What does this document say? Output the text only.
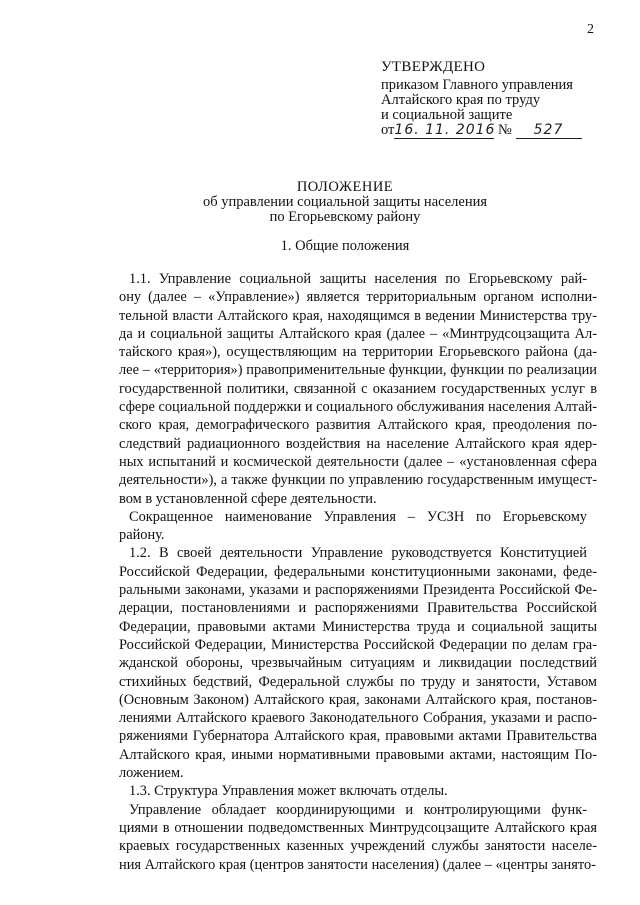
2
УТВЕРЖДЕНО
приказом Главного управления
Алтайского края по труду
и социальной защите
от16. 11. 2016 № 527
ПОЛОЖЕНИЕ
об управлении социальной защиты населения
по Егорьевскому району
1. Общие положения
1.1. Управление социальной защиты населения по Егорьевскому рай-
ону (далее – «Управление») является территориальным органом исполни-
тельной власти Алтайского края, находящимся в ведении Министерства тру-
да и социальной защиты Алтайского края (далее – «Минтрудсоцзащита Ал-
тайского края»), осуществляющим на территории Егорьевского района (да-
лее – «территория») правоприменительные функции, функции по реализации
государственной политики, связанной с оказанием государственных услуг в
сфере социальной поддержки и социального обслуживания населения Алтай-
ского края, демографического развития Алтайского края, преодоления по-
следствий радиационного воздействия на население Алтайского края ядер-
ных испытаний и космической деятельности (далее – «установленная сфера
деятельности»), а также функции по управлению государственным имущест-
вом в установленной сфере деятельности.
Сокращенное наименование Управления – УСЗН по Егорьевскому
району.
1.2. В своей деятельности Управление руководствуется Конституцией
Российской Федерации, федеральными конституционными законами, феде-
ральными законами, указами и распоряжениями Президента Российской Фе-
дерации, постановлениями и распоряжениями Правительства Российской
Федерации, правовыми актами Министерства труда и социальной защиты
Российской Федерации, Министерства Российской Федерации по делам гра-
жданской обороны, чрезвычайным ситуациям и ликвидации последствий
стихийных бедствий, Федеральной службы по труду и занятости, Уставом
(Основным Законом) Алтайского края, законами Алтайского края, постанов-
лениями Алтайского краевого Законодательного Собрания, указами и распо-
ряжениями Губернатора Алтайского края, правовыми актами Правительства
Алтайского края, иными нормативными правовыми актами, настоящим По-
ложением.
1.3. Структура Управления может включать отделы.
Управление обладает координирующими и контролирующими функ-
циями в отношении подведомственных Минтрудсоцзащите Алтайского края
краевых государственных казенных учреждений службы занятости населе-
ния Алтайского края (центров занятости населения) (далее – «центры занято-
